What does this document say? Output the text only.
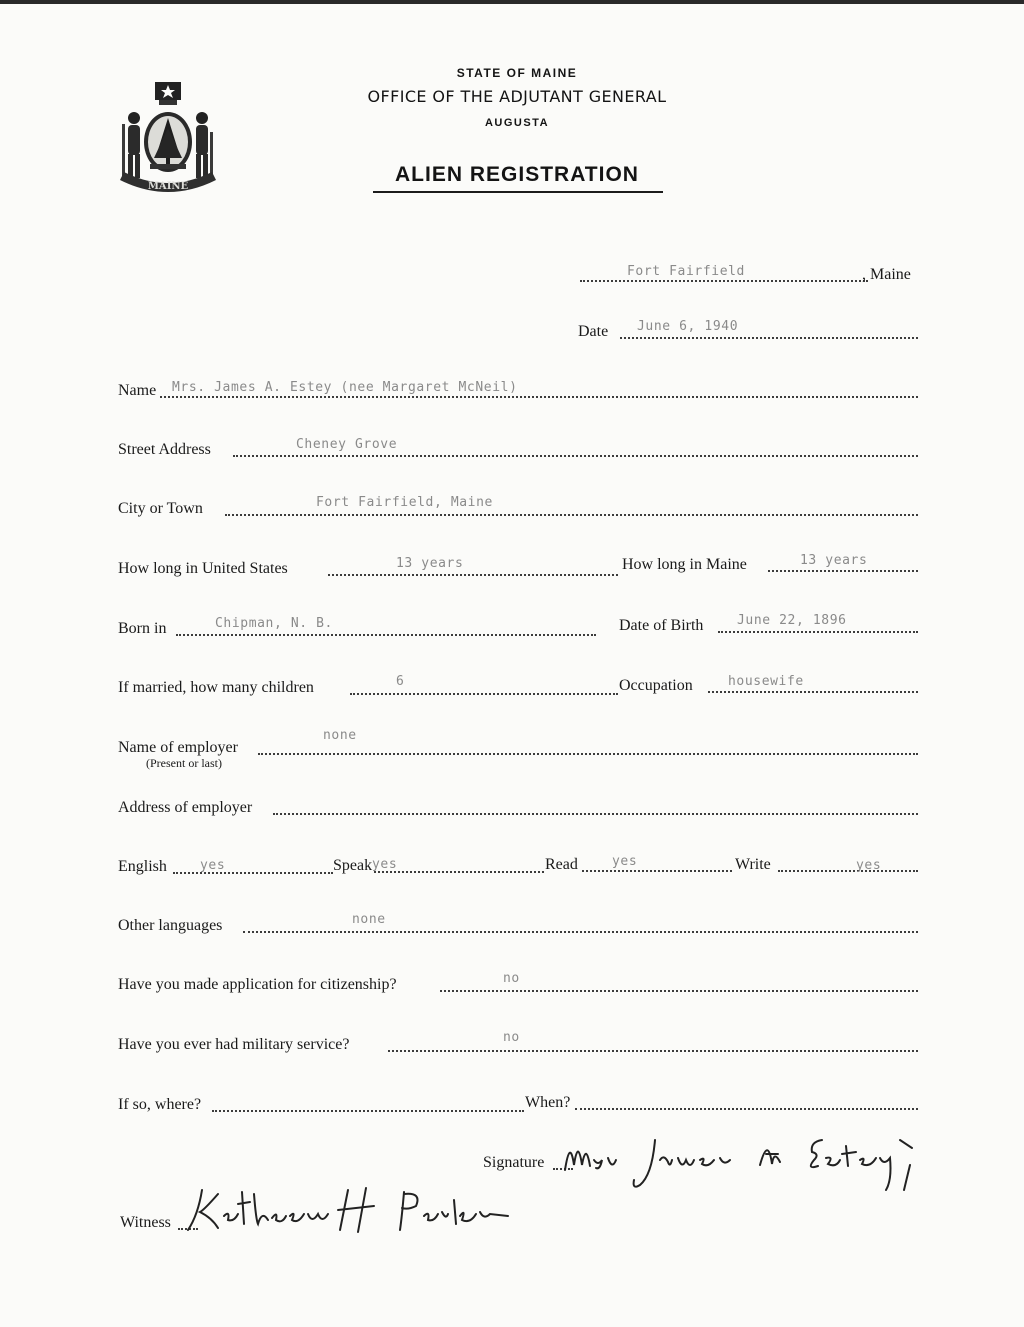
MAINE
STATE OF MAINE
OFFICE OF THE ADJUTANT GENERAL
AUGUSTA
ALIEN REGISTRATION
Fort Fairfield	, Maine
Date June 6, 1940
Name Mrs. James A. Estey (nee Margaret McNeil)
Street Address	Cheney Grove
City or Town	Fort Fairfield, Maine
How long in United States	13 years	How long in Maine	13 years
Born in	Chipman, N. B.	Date of Birth	June 22, 1896
If married, how many children	6	Occupation	housewife
Name of employer
(Present or last)
none
Address of employer
English	yes	Speak yes	Read	yes	Write	yes
Other languages	none
Have you made application for citizenship?	no
Have you ever had military service?	no
If so, where?	When?
Signature
Witness
